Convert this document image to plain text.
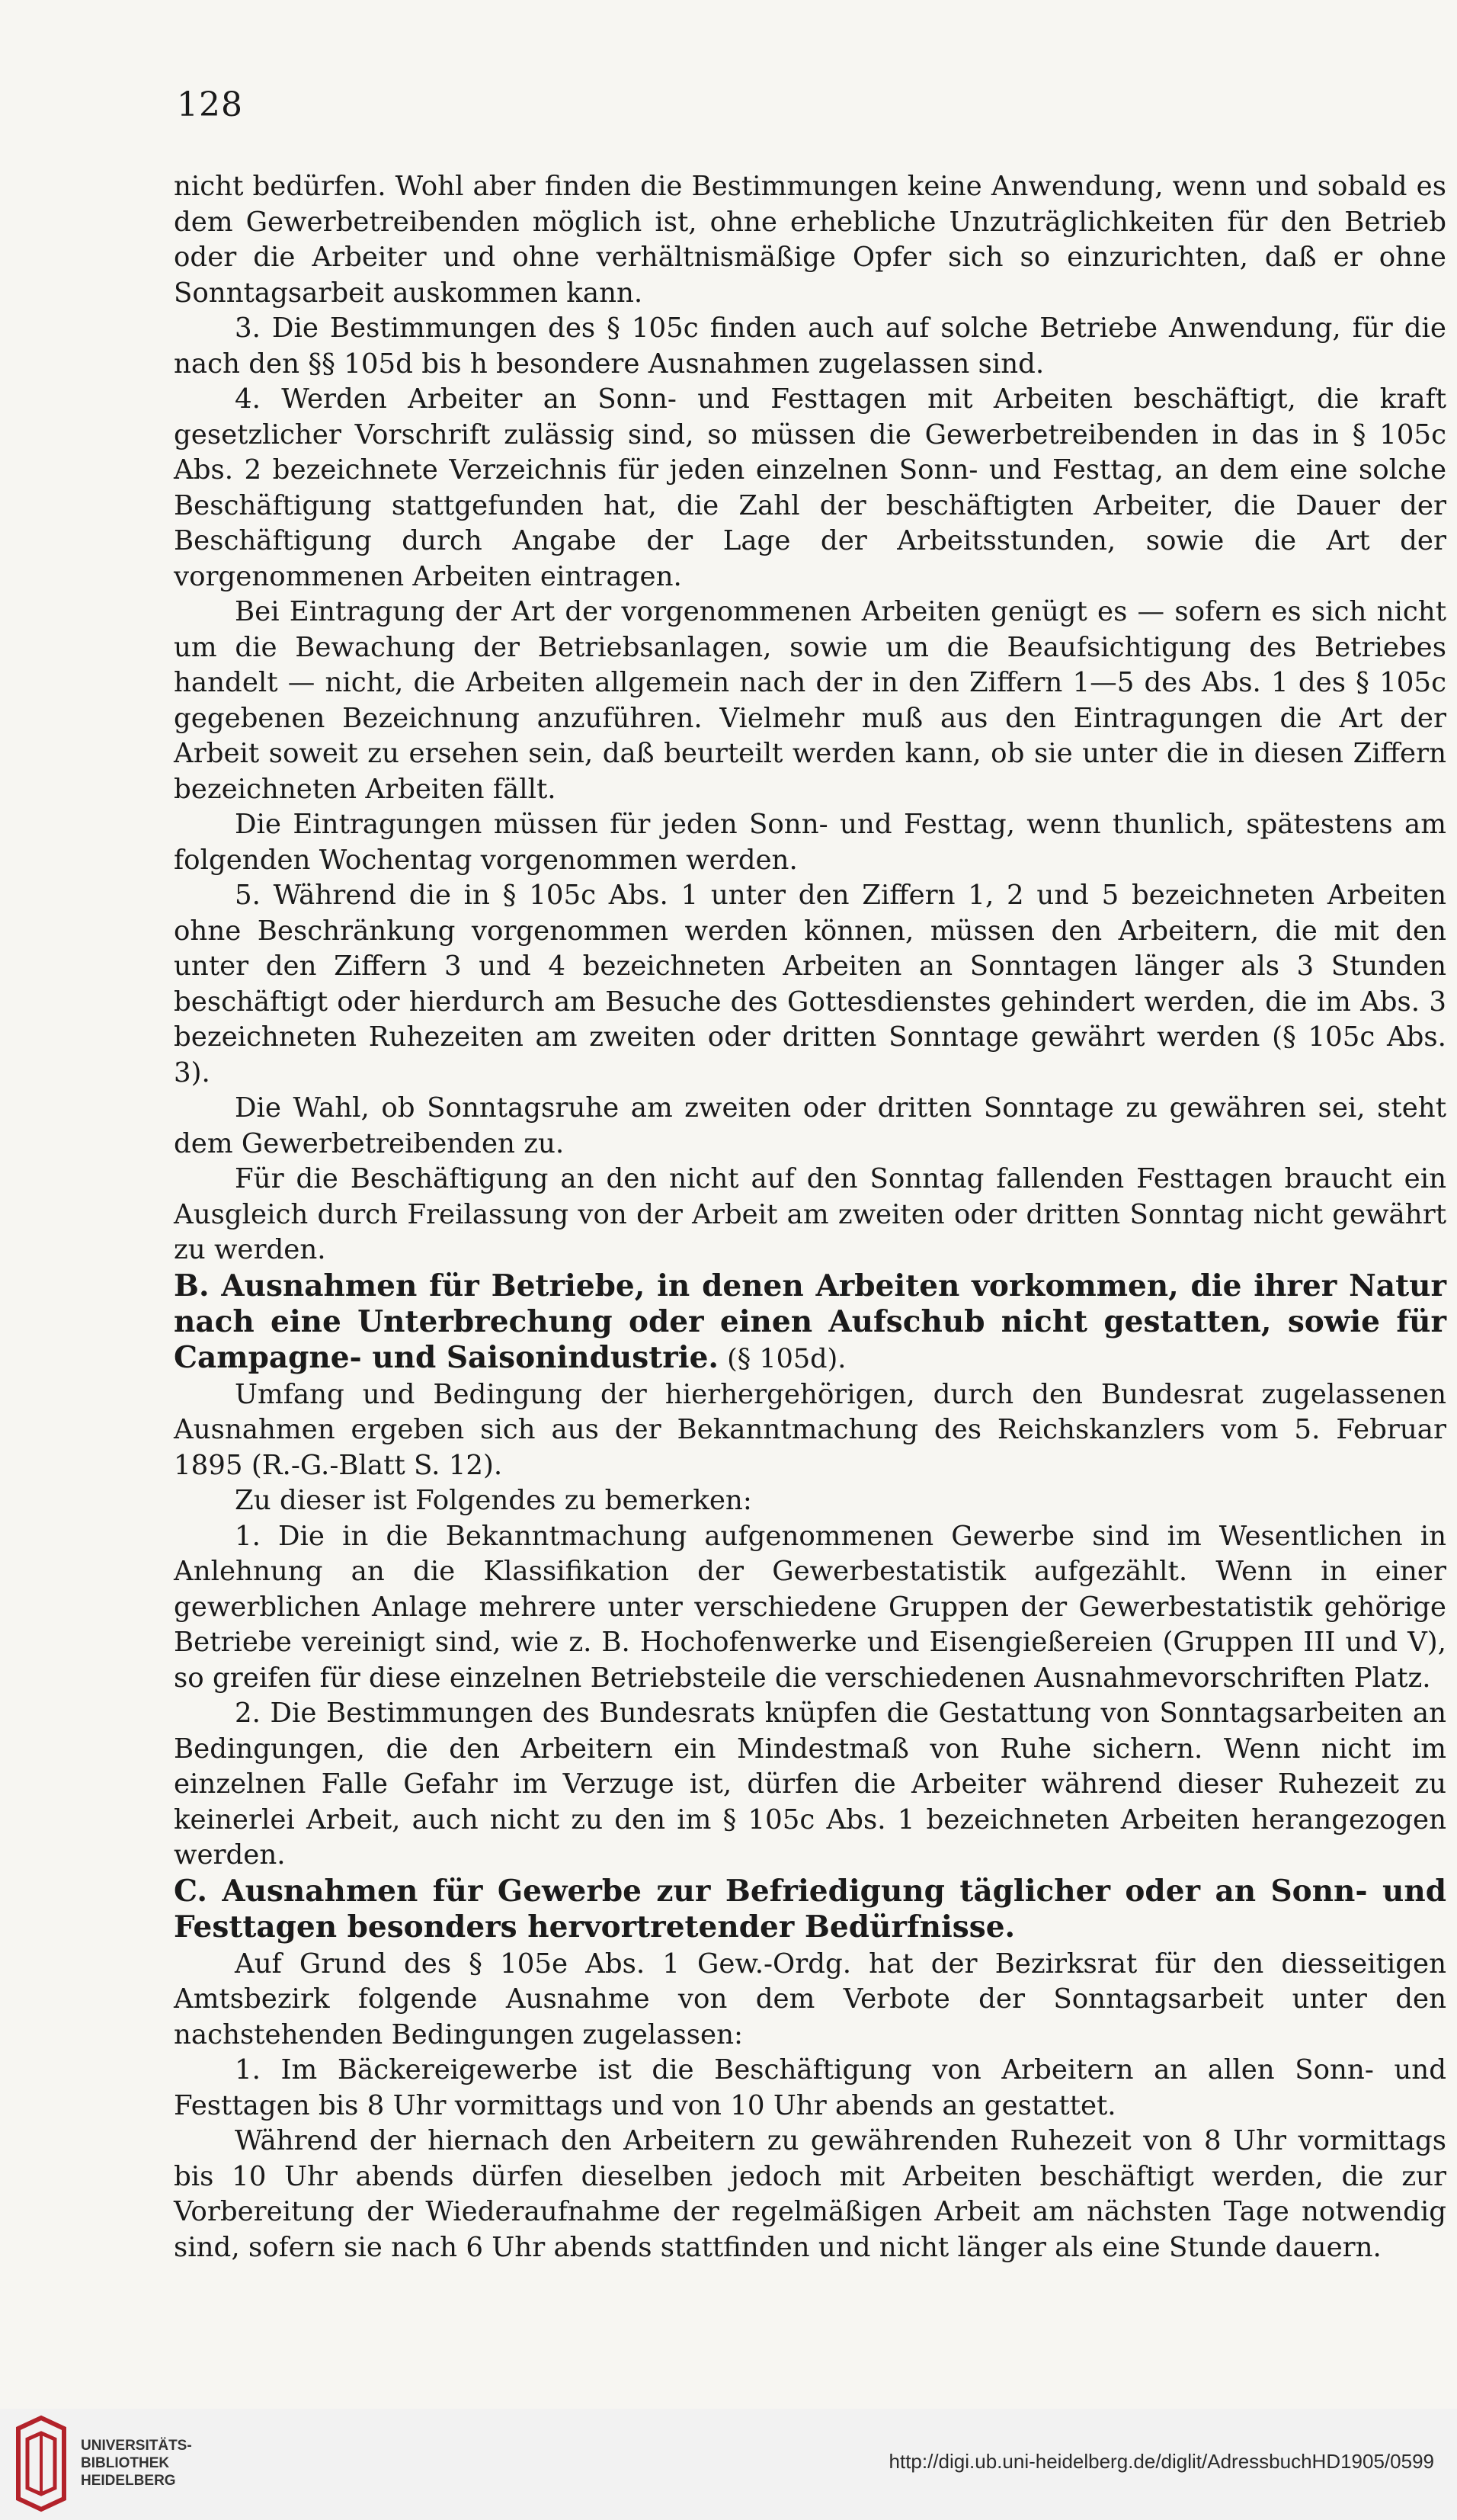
128

nicht bedürfen. Wohl aber finden die Bestimmungen keine Anwendung, wenn und sobald es dem Gewerbetreibenden möglich ist, ohne erhebliche Unzuträglichkeiten für den Betrieb oder die Arbeiter und ohne verhältnismäßige Opfer sich so einzurichten, daß er ohne Sonntagsarbeit auskommen kann.

3. Die Bestimmungen des § 105c finden auch auf solche Betriebe Anwendung, für die nach den §§ 105d bis h besondere Ausnahmen zugelassen sind.

4. Werden Arbeiter an Sonn- und Festtagen mit Arbeiten beschäftigt, die kraft gesetzlicher Vorschrift zulässig sind, so müssen die Gewerbetreibenden in das in § 105c Abs. 2 bezeichnete Verzeichnis für jeden einzelnen Sonn- und Festtag, an dem eine solche Beschäftigung stattgefunden hat, die Zahl der beschäftigten Arbeiter, die Dauer der Beschäftigung durch Angabe der Lage der Arbeitsstunden, sowie die Art der vorgenommenen Arbeiten eintragen.

Bei Eintragung der Art der vorgenommenen Arbeiten genügt es — sofern es sich nicht um die Bewachung der Betriebsanlagen, sowie um die Beaufsichtigung des Betriebes handelt — nicht, die Arbeiten allgemein nach der in den Ziffern 1—5 des Abs. 1 des § 105c gegebenen Bezeichnung anzuführen. Vielmehr muß aus den Eintragungen die Art der Arbeit soweit zu ersehen sein, daß beurteilt werden kann, ob sie unter die in diesen Ziffern bezeichneten Arbeiten fällt.

Die Eintragungen müssen für jeden Sonn- und Festtag, wenn thunlich, spätestens am folgenden Wochentag vorgenommen werden.

5. Während die in § 105c Abs. 1 unter den Ziffern 1, 2 und 5 bezeichneten Arbeiten ohne Beschränkung vorgenommen werden können, müssen den Arbeitern, die mit den unter den Ziffern 3 und 4 bezeichneten Arbeiten an Sonntagen länger als 3 Stunden beschäftigt oder hierdurch am Besuche des Gottesdienstes gehindert werden, die im Abs. 3 bezeichneten Ruhezeiten am zweiten oder dritten Sonntage gewährt werden (§ 105c Abs. 3).

Die Wahl, ob Sonntagsruhe am zweiten oder dritten Sonntage zu gewähren sei, steht dem Gewerbetreibenden zu.

Für die Beschäftigung an den nicht auf den Sonntag fallenden Festtagen braucht ein Ausgleich durch Freilassung von der Arbeit am zweiten oder dritten Sonntag nicht gewährt zu werden.

B. Ausnahmen für Betriebe, in denen Arbeiten vorkommen, die ihrer Natur nach eine Unterbrechung oder einen Aufschub nicht gestatten, sowie für Campagne- und Saisonindustrie. (§ 105d).

Umfang und Bedingung der hierhergehörigen, durch den Bundesrat zugelassenen Ausnahmen ergeben sich aus der Bekanntmachung des Reichskanzlers vom 5. Februar 1895 (R.-G.-Blatt S. 12).

Zu dieser ist Folgendes zu bemerken:

1. Die in die Bekanntmachung aufgenommenen Gewerbe sind im Wesentlichen in Anlehnung an die Klassifikation der Gewerbestatistik aufgezählt. Wenn in einer gewerblichen Anlage mehrere unter verschiedene Gruppen der Gewerbestatistik gehörige Betriebe vereinigt sind, wie z. B. Hochofenwerke und Eisengießereien (Gruppen III und V), so greifen für diese einzelnen Betriebsteile die verschiedenen Ausnahmevorschriften Platz.

2. Die Bestimmungen des Bundesrats knüpfen die Gestattung von Sonntagsarbeiten an Bedingungen, die den Arbeitern ein Mindestmaß von Ruhe sichern. Wenn nicht im einzelnen Falle Gefahr im Verzuge ist, dürfen die Arbeiter während dieser Ruhezeit zu keinerlei Arbeit, auch nicht zu den im § 105c Abs. 1 bezeichneten Arbeiten herangezogen werden.

C. Ausnahmen für Gewerbe zur Befriedigung täglicher oder an Sonn- und Festtagen besonders hervortretender Bedürfnisse.

Auf Grund des § 105e Abs. 1 Gew.-Ordg. hat der Bezirksrat für den diesseitigen Amtsbezirk folgende Ausnahme von dem Verbote der Sonntagsarbeit unter den nachstehenden Bedingungen zugelassen:

1. Im Bäckereigewerbe ist die Beschäftigung von Arbeitern an allen Sonn- und Festtagen bis 8 Uhr vormittags und von 10 Uhr abends an gestattet.

Während der hiernach den Arbeitern zu gewährenden Ruhezeit von 8 Uhr vormittags bis 10 Uhr abends dürfen dieselben jedoch mit Arbeiten beschäftigt werden, die zur Vorbereitung der Wiederaufnahme der regelmäßigen Arbeit am nächsten Tage notwendig sind, sofern sie nach 6 Uhr abends stattfinden und nicht länger als eine Stunde dauern.

UNIVERSITÄTS-
BIBLIOTHEK
HEIDELBERG
http://digi.ub.uni-heidelberg.de/diglit/AdressbuchHD1905/0599
